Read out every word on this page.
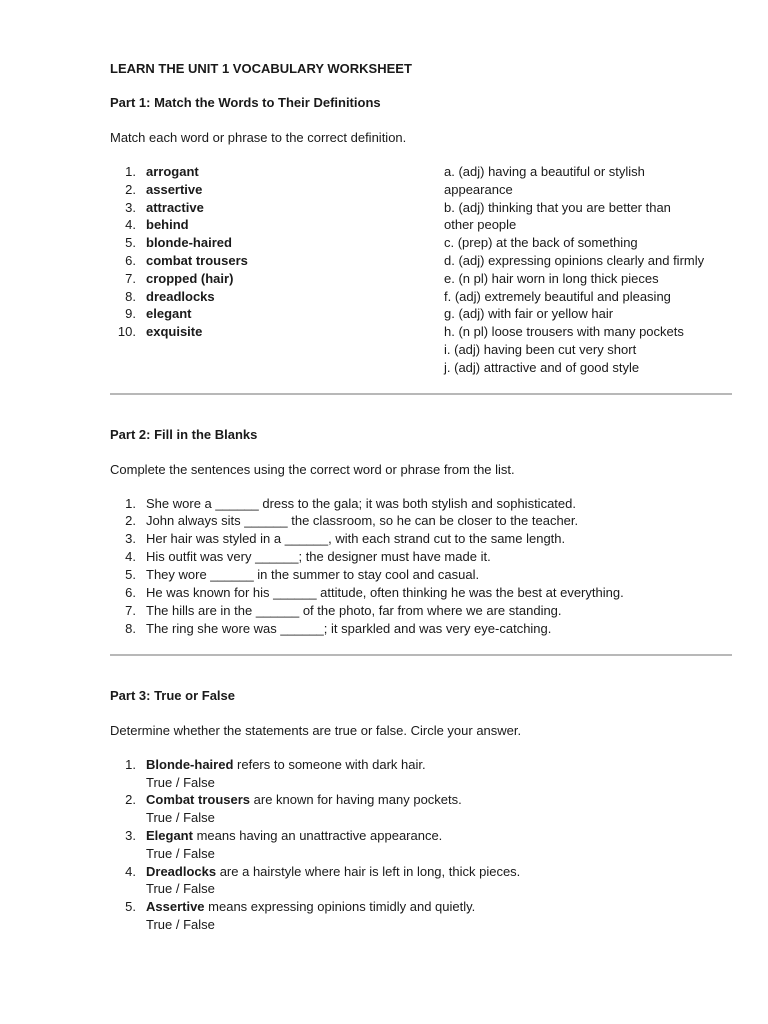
LEARN THE UNIT 1 VOCABULARY WORKSHEET

Part 1: Match the Words to Their Definitions

Match each word or phrase to the correct definition.

1. arrogant
2. assertive
3. attractive
4. behind
5. blonde-haired
6. combat trousers
7. cropped (hair)
8. dreadlocks
9. elegant
10. exquisite
a. (adj) having a beautiful or stylish
appearance
b. (adj) thinking that you are better than
other people
c. (prep) at the back of something
d. (adj) expressing opinions clearly and firmly
e. (n pl) hair worn in long thick pieces
f. (adj) extremely beautiful and pleasing
g. (adj) with fair or yellow hair
h. (n pl) loose trousers with many pockets
i. (adj) having been cut very short
j. (adj) attractive and of good style

Part 2: Fill in the Blanks

Complete the sentences using the correct word or phrase from the list.

1. She wore a ______ dress to the gala; it was both stylish and sophisticated.
2. John always sits ______ the classroom, so he can be closer to the teacher.
3. Her hair was styled in a ______, with each strand cut to the same length.
4. His outfit was very ______; the designer must have made it.
5. They wore ______ in the summer to stay cool and casual.
6. He was known for his ______ attitude, often thinking he was the best at everything.
7. The hills are in the ______ of the photo, far from where we are standing.
8. The ring she wore was ______; it sparkled and was very eye-catching.

Part 3: True or False

Determine whether the statements are true or false. Circle your answer.

1. Blonde-haired refers to someone with dark hair.
True / False
2. Combat trousers are known for having many pockets.
True / False
3. Elegant means having an unattractive appearance.
True / False
4. Dreadlocks are a hairstyle where hair is left in long, thick pieces.
True / False
5. Assertive means expressing opinions timidly and quietly.
True / False
